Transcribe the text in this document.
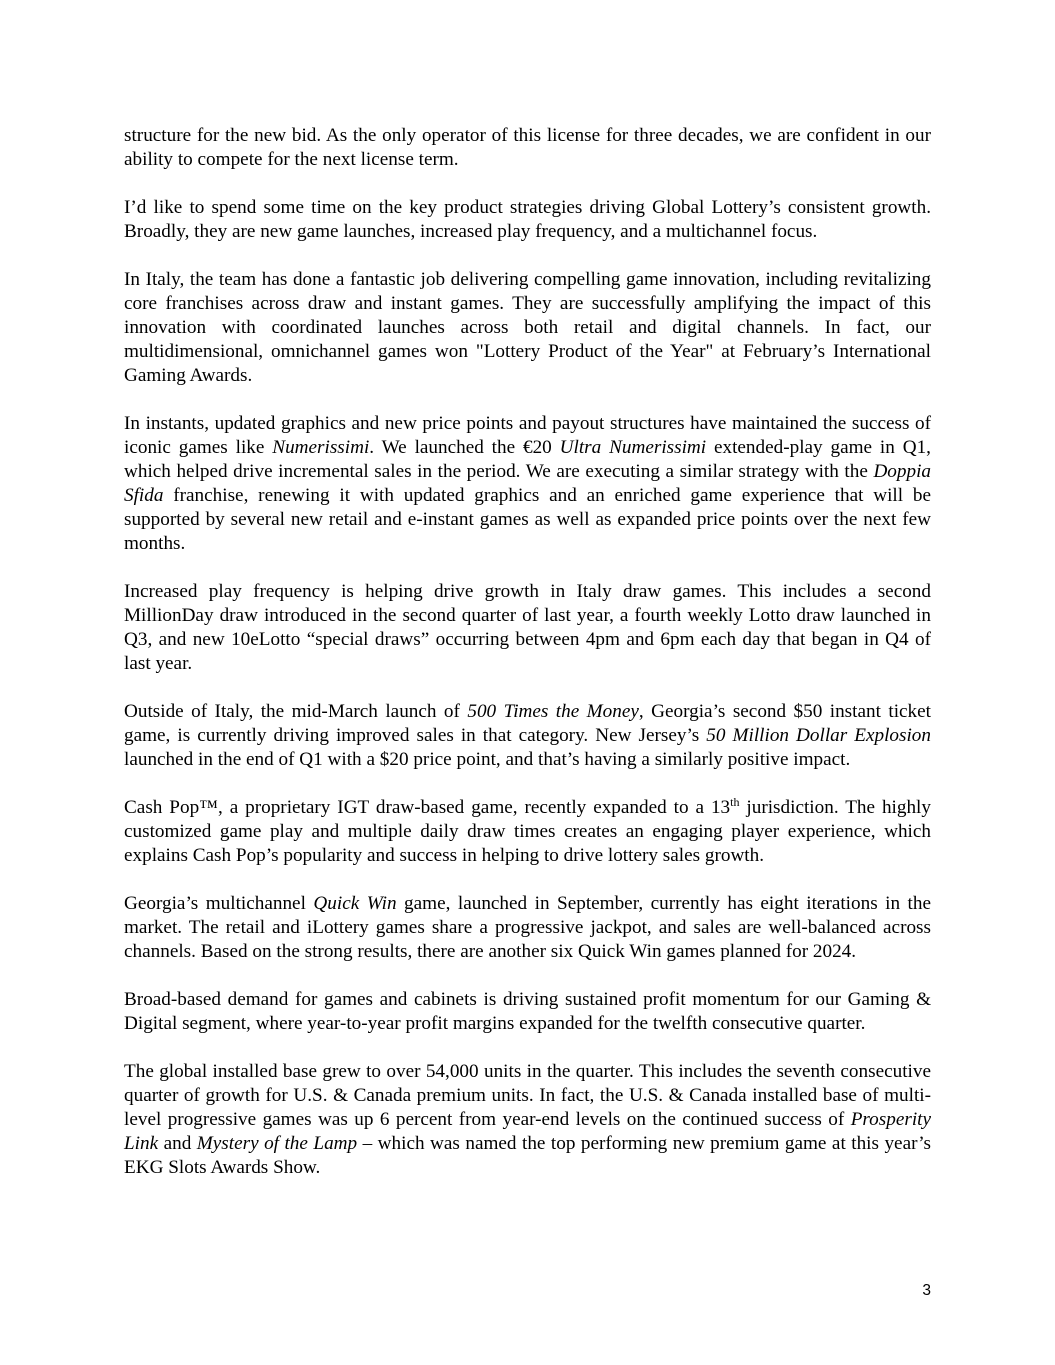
structure for the new bid. As the only operator of this license for three decades, we are confident in our ability to compete for the next license term.

I’d like to spend some time on the key product strategies driving Global Lottery’s consistent growth. Broadly, they are new game launches, increased play frequency, and a multichannel focus.

In Italy, the team has done a fantastic job delivering compelling game innovation, including revitalizing core franchises across draw and instant games. They are successfully amplifying the impact of this innovation with coordinated launches across both retail and digital channels. In fact, our multidimensional, omnichannel games won "Lottery Product of the Year" at February’s International Gaming Awards.

In instants, updated graphics and new price points and payout structures have maintained the success of iconic games like Numerissimi. We launched the €20 Ultra Numerissimi extended-play game in Q1, which helped drive incremental sales in the period. We are executing a similar strategy with the Doppia Sfida franchise, renewing it with updated graphics and an enriched game experience that will be supported by several new retail and e-instant games as well as expanded price points over the next few months.

Increased play frequency is helping drive growth in Italy draw games. This includes a second MillionDay draw introduced in the second quarter of last year, a fourth weekly Lotto draw launched in Q3, and new 10eLotto “special draws” occurring between 4pm and 6pm each day that began in Q4 of last year.

Outside of Italy, the mid-March launch of 500 Times the Money, Georgia’s second $50 instant ticket game, is currently driving improved sales in that category. New Jersey’s 50 Million Dollar Explosion launched in the end of Q1 with a $20 price point, and that’s having a similarly positive impact.

Cash Pop™, a proprietary IGT draw-based game, recently expanded to a 13th jurisdiction. The highly customized game play and multiple daily draw times creates an engaging player experience, which explains Cash Pop’s popularity and success in helping to drive lottery sales growth.

Georgia’s multichannel Quick Win game, launched in September, currently has eight iterations in the market. The retail and iLottery games share a progressive jackpot, and sales are well-balanced across channels. Based on the strong results, there are another six Quick Win games planned for 2024.

Broad-based demand for games and cabinets is driving sustained profit momentum for our Gaming & Digital segment, where year-to-year profit margins expanded for the twelfth consecutive quarter.

The global installed base grew to over 54,000 units in the quarter. This includes the seventh consecutive quarter of growth for U.S. & Canada premium units. In fact, the U.S. & Canada installed base of multi-level progressive games was up 6 percent from year-end levels on the continued success of Prosperity Link and Mystery of the Lamp – which was named the top performing new premium game at this year’s EKG Slots Awards Show.

3
